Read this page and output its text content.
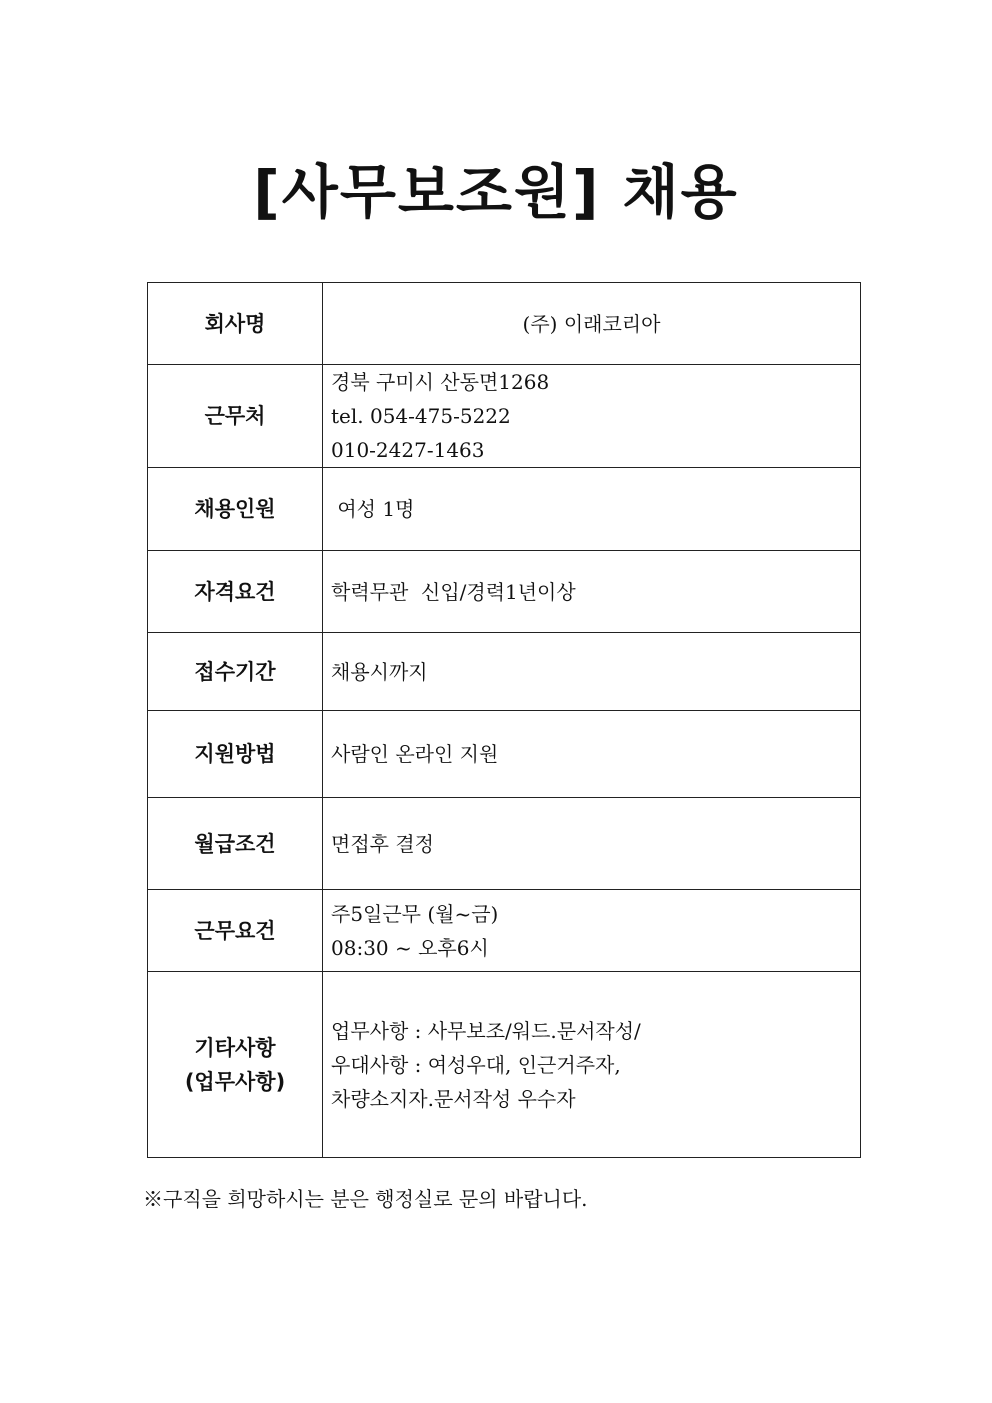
[사무보조원] 채용
회사명	(주) 이래코리아

근무처	경북 구미시 산동면1268
tel. 054-475-5222
010-2427-1463

채용인원	여성 1명

자격요건	학력무관  신입/경력1년이상

접수기간	채용시까지

지원방법	사람인 온라인 지원

월급조건	면접후 결정

근무요건	주5일근무 (월~금)
08:30 ~ 오후6시

기타사항
(업무사항)	업무사항 : 사무보조/워드.문서작성/
우대사항 : 여성우대, 인근거주자,
차량소지자.문서작성 우수자
※구직을 희망하시는 분은 행정실로 문의 바랍니다.
